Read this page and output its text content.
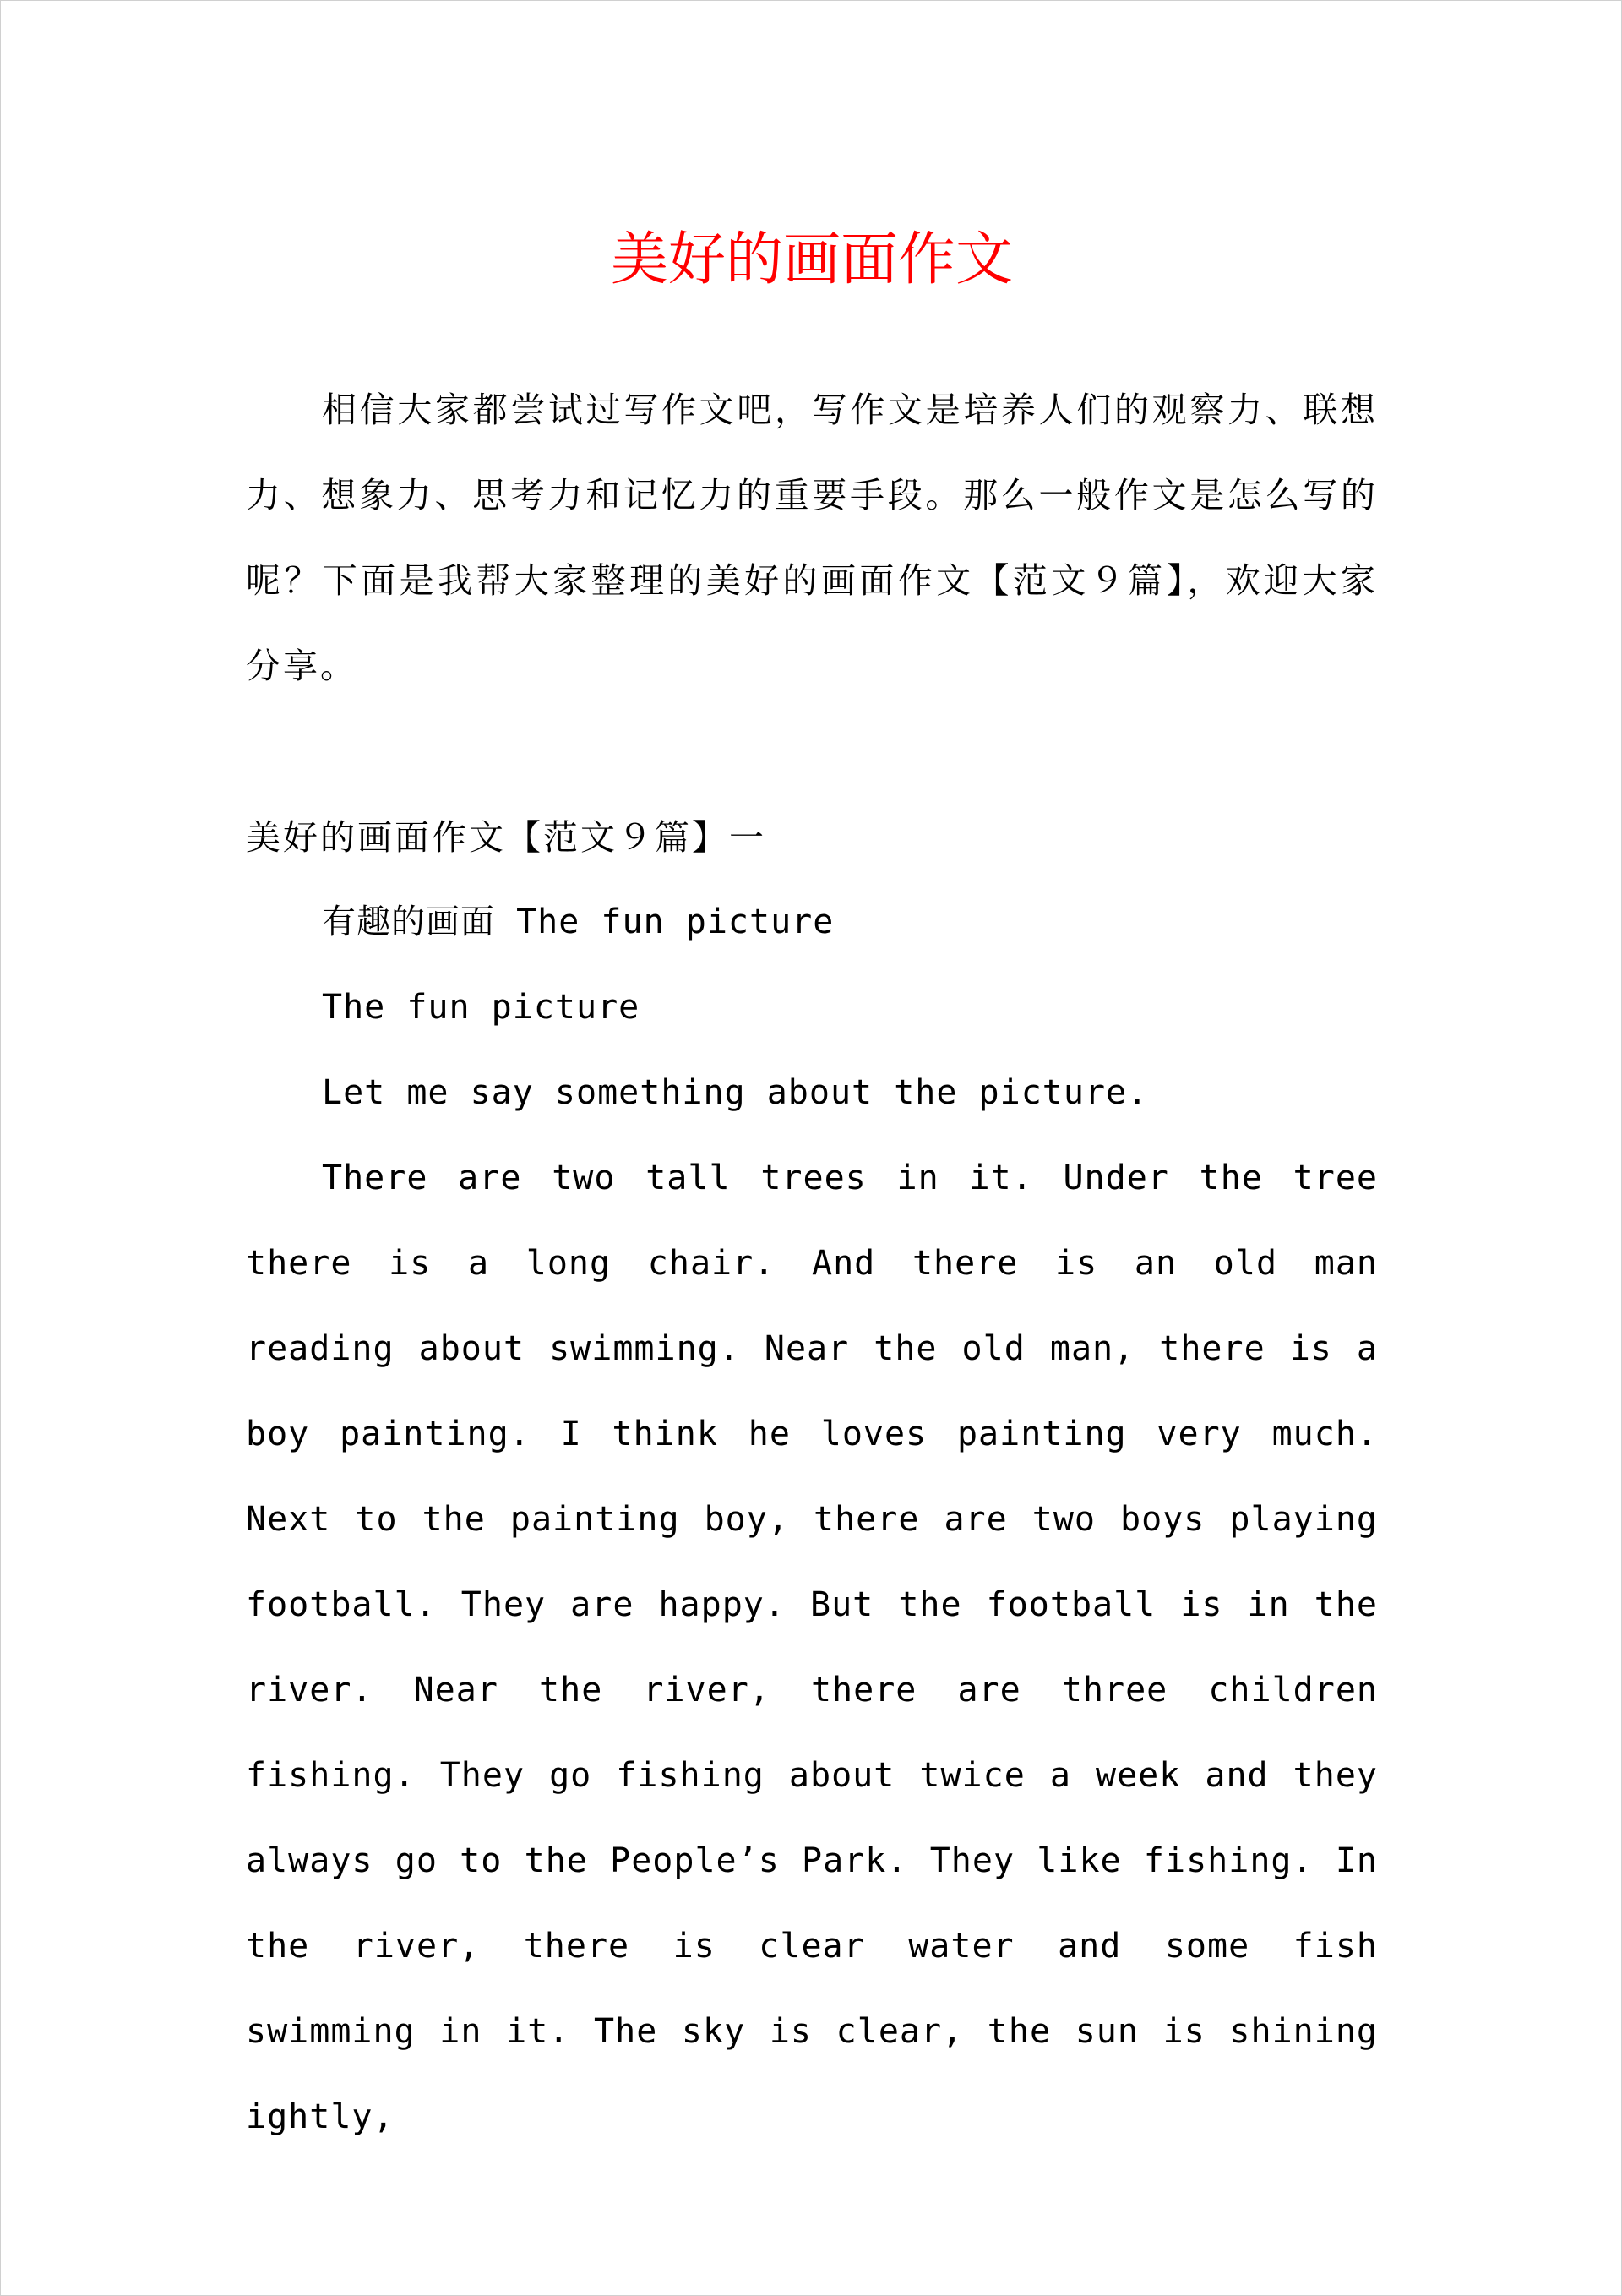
美好的画面作文

相信大家都尝试过写作文吧，写作文是培养人们的观察力、联想力、想象力、思考力和记忆力的重要手段。那么一般作文是怎么写的呢？下面是我帮大家整理的美好的画面作文【范文９篇】，欢迎大家分享。

美好的画面作文【范文９篇】一

有趣的画面 The fun picture

The fun picture

Let me say something about the picture.

There are two tall trees in it. Under the tree there is a long chair. And there is an old man reading about swimming. Near the old man, there is a boy painting. I think he loves painting very much. Next to the painting boy, there are two boys playing football. They are happy. But the football is in the river. Near the river, there are three children fishing. They go fishing about twice a week and they always go to the People’s Park. They like fishing. In the river, there is clear water and some fish swimming in it. The sky is clear, the sun is shining ightly,
